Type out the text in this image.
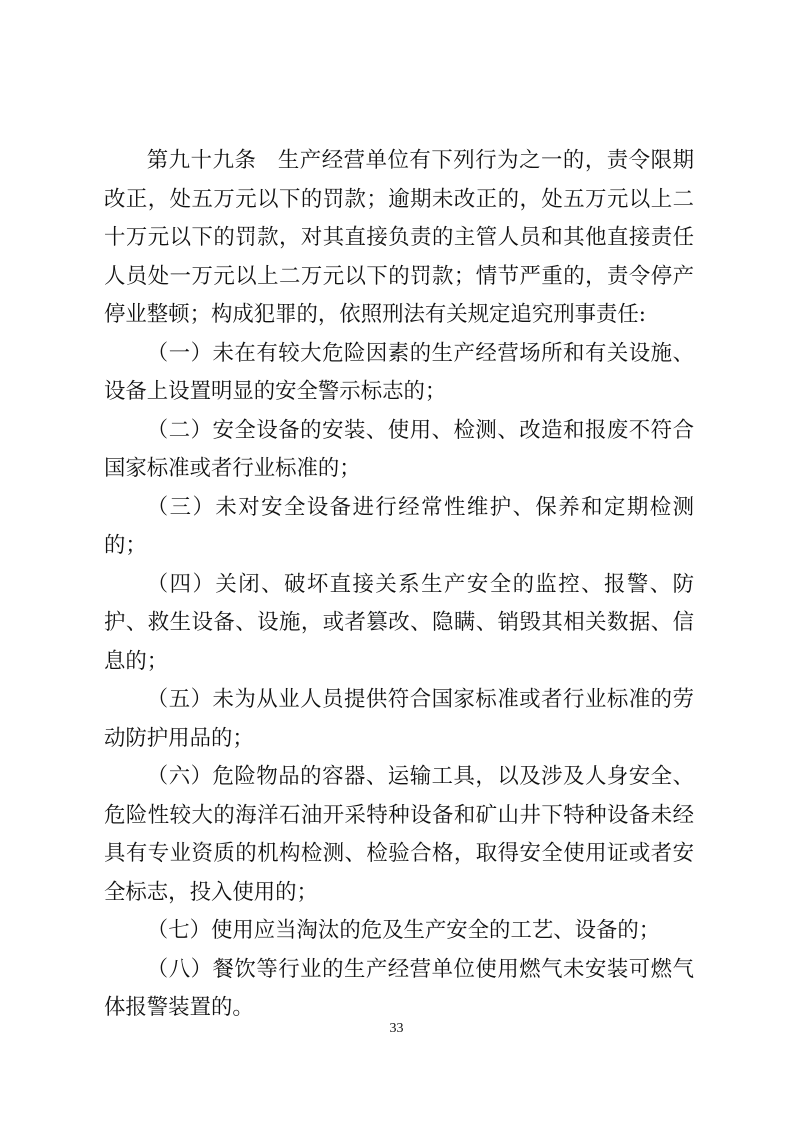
第九十九条 生产经营单位有下列行为之一的，责令限期改正，处五万元以下的罚款；逾期未改正的，处五万元以上二十万元以下的罚款，对其直接负责的主管人员和其他直接责任人员处一万元以上二万元以下的罚款；情节严重的，责令停产停业整顿；构成犯罪的，依照刑法有关规定追究刑事责任:

（一）未在有较大危险因素的生产经营场所和有关设施、设备上设置明显的安全警示标志的；

（二）安全设备的安装、使用、检测、改造和报废不符合国家标准或者行业标准的；

（三）未对安全设备进行经常性维护、保养和定期检测的；

（四）关闭、破坏直接关系生产安全的监控、报警、防护、救生设备、设施，或者篡改、隐瞒、销毁其相关数据、信息的；

（五）未为从业人员提供符合国家标准或者行业标准的劳动防护用品的；

（六）危险物品的容器、运输工具，以及涉及人身安全、危险性较大的海洋石油开采特种设备和矿山井下特种设备未经具有专业资质的机构检测、检验合格，取得安全使用证或者安全标志，投入使用的；

（七）使用应当淘汰的危及生产安全的工艺、设备的；

（八）餐饮等行业的生产经营单位使用燃气未安装可燃气体报警装置的。

33
